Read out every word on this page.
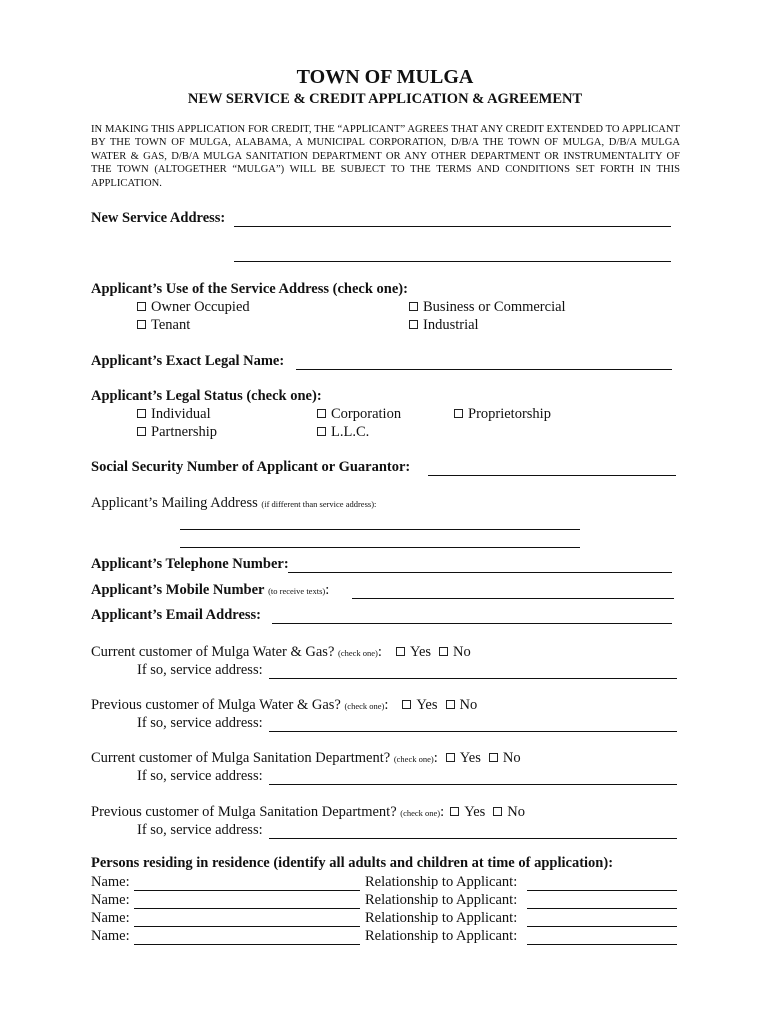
TOWN OF MULGA
NEW SERVICE & CREDIT APPLICATION & AGREEMENT
IN MAKING THIS APPLICATION FOR CREDIT, THE “APPLICANT” AGREES THAT ANY CREDIT EXTENDED TO APPLICANT BY THE TOWN OF MULGA, ALABAMA, A MUNICIPAL CORPORATION, D/B/A THE TOWN OF MULGA, D/B/A MULGA WATER & GAS, D/B/A MULGA SANITATION DEPARTMENT OR ANY OTHER DEPARTMENT OR INSTRUMENTALITY OF THE TOWN (ALTOGETHER “MULGA”) WILL BE SUBJECT TO THE TERMS AND CONDITIONS SET FORTH IN THIS APPLICATION.
New Service Address:
Applicant’s Use of the Service Address (check one):
Owner Occupied	Business or Commercial
Tenant	Industrial
Applicant’s Exact Legal Name:
Applicant’s Legal Status (check one):
Individual	Corporation	Proprietorship
Partnership	L.L.C.
Social Security Number of Applicant or Guarantor:
Applicant’s Mailing Address (if different than service address):
Applicant’s Telephone Number:
Applicant’s Mobile Number (to receive texts):
Applicant’s Email Address:
Current customer of Mulga Water & Gas? (check one): Yes No
If so, service address:
Previous customer of Mulga Water & Gas? (check one): Yes No
If so, service address:
Current customer of Mulga Sanitation Department? (check one): Yes No
If so, service address:
Previous customer of Mulga Sanitation Department? (check one): Yes No
If so, service address:
Persons residing in residence (identify all adults and children at time of application):
Name:	Relationship to Applicant:
Name:	Relationship to Applicant:
Name:	Relationship to Applicant:
Name:	Relationship to Applicant:
